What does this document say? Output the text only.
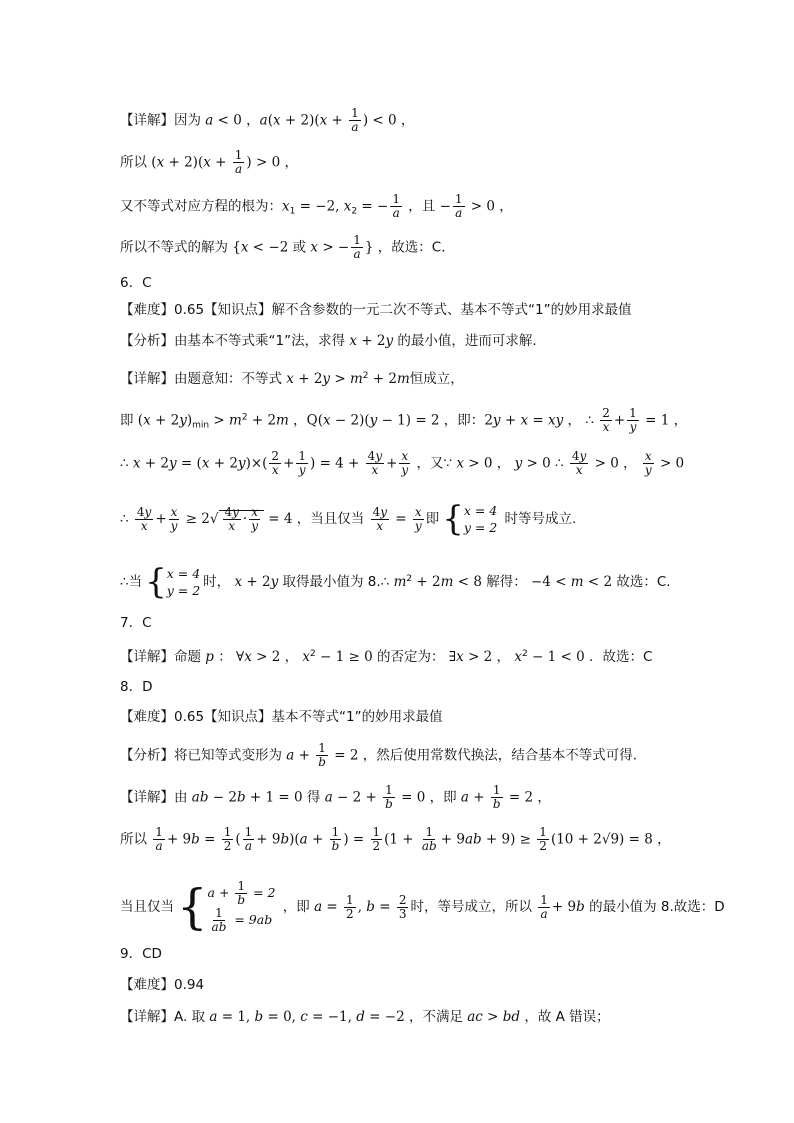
【详解】因为 a < 0 ，$a(x + 2)(x + \frac{1}{a}$ ) < 0 ，
所以 $(x + 2)(x + \frac{1}{a}$ ) > 0 ，
又不等式对应方程的根为：$x_1 = -2$, $x_2$ = − $\frac{1}{a}$ ，且 − $\frac{1}{a} > 0$ ，
所以不等式的解为 {x < −2 或 x > − $\frac{1}{a}$ } ，故选：C．
6．C
【难度】0.65【知识点】解不含参数的一元二次不等式、基本不等式“1”的妙用求最值
【分析】由基本不等式乘“1”法，求得 x + 2y 的最小值，进而可求解.
【详解】由题意知：不等式 $x + 2y > m^2 + 2m$恒成立，
即 $(x + 2y)_{min} > m^2 + 2m$ ，Q(x − 2)(y − 1) = 2 ，即：2y + x = xy ， ∴ $\frac{2}{x} + \frac{1}{y} = 1$ ，
∴ $x + 2y = (x + 2y)\times( \frac{2}{x} + \frac{1}{y}$ ) = $4 + \frac{4y}{x} + \frac{x}{y}$ ，又∵ x > 0 ， y > 0 ∴ $\frac{4y}{x} > 0$ ， $\frac{x}{y} > 0$
∴ $\frac{4y}{x} + \frac{x}{y} \ge 2√ \frac{4y}{x} \cdot \frac{x}{y} = 4$ ，当且仅当 $\frac{4y}{x} = \frac{x}{y}$ 即 { x = 4
y = 2
时等号成立.
∴当 { x = 4
y = 2
时， x + 2y 取得最小值为 8.∴ $m^2 + 2m < 8$ 解得： −4 < m < 2 故选：C.
7．C
【详解】命题 p ： ∀x > 2 ， $x^2 - 1 \ge 0$ 的否定为： ∃x > 2 ， $x^2 - 1 < 0$ ．故选：C
8．D
【难度】0.65【知识点】基本不等式“1”的妙用求最值
【分析】将已知等式变形为 $a + \frac{1}{b} = 2$ ，然后使用常数代换法，结合基本不等式可得.
【详解】由 ab − 2b + 1 = 0 得 $a - 2 + \frac{1}{b} = 0$ ，即 $a + \frac{1}{b} = 2$ ，
所以 $\frac{1}{a} + 9b = \frac{1}{2}$ ( $\frac{1}{a} + 9b)(a + \frac{1}{b}$ ) = $\frac{1}{2} (1 + \frac{1}{ab} + 9ab + 9) \ge \frac{1}{2} (10 + 2√9) = 8$ ，
当且仅当 { $a + \frac{1}{b} = 2$
$\frac{1}{ab} = 9ab$
，即 $a = \frac{1}{2}$ , $b = \frac{2}{3}$ 时，等号成立，所以 $\frac{1}{a} + 9b$ 的最小值为 8.故选：D
9．CD
【难度】0.94
【详解】A. 取 a = 1, b = 0, c = −1, d = −2 ，不满足 ac > bd ，故 A 错误；
